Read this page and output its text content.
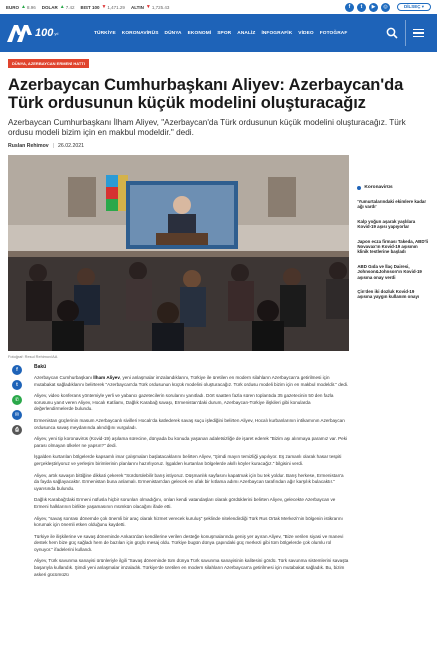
EURO ▲ 8.96 DOLAR ▲ 7.42 BIST 100 ▼ 1,471.29 ALTIN ▼ 1,725.43	f	t	▶	◎	DİLSEÇ ▾
100 yıl	TÜRKİYE KORONAVİRÜS DÜNYA EKONOMİ SPOR ANALİZ İNFOGRAFİK VİDEO FOTOĞRAF
DÜNYA, AZERBAYCAN ERMENİ HATTI
Azerbaycan Cumhurbaşkanı Aliyev: Azerbaycan'da Türk ordusunun küçük modelini oluşturacağız

Azerbaycan Cumhurbaşkanı İlham Aliyev, "Azerbaycan'da Türk ordusunun küçük modelini oluşturacağız. Türk ordusu modeli bizim için en makbul modeldir." dedi.

Ruslan Rehimov | 26.02.2021
Koronavirüs
'Yumurtalarındaki ekimlere kadar ağı vardı'
Kalp yoğun aşarak yaşlılara Kovid-19 aşısı yapıyorlar
Japon ecza firması Takeda, ABD'li Novavax'ın Kovid-19 aşısının klinik testlerine başladı
ABD Gıda ve İlaç Dairesi, Johnson&Johnson'ın Kovid-19 aşısına onay verdi
Çin'den iki dozluk Kovid-19 aşısına yaygın kullanım onayı
Fotoğraf: Resul Rehimov/AA
f
t
✆
✉
⎙
Bakü

Azerbaycan Cumhurbaşkanı İlham Aliyev, yeni anlaşmalar imzalandıklarını, Türkiye ile üretilen en modern silahların Azerbaycan'a getirilmesi için mutabakat sağladıklarını belirterek "Azerbaycan'da Türk ordusunun küçük modelini oluşturacağız. Türk ordusu modeli bizim için en makbul modeldir." dedi.

Aliyev, video konferans yöntemiyle yerli ve yabancı gazetecilerin sorularını yanıtladı. Dört saatten fazla süren toplantıda 35 gazetecinin 50 den fazla sorusunu yanıt veren Aliyev, Hocalı Katliamı, Dağlık Karabağ savaşı, Ermenistan'daki durum, Azerbaycan-Türkiye ilişkileri gibi konularda değerlendirmelerde bulundu.

Ermenistan güçlerinin masum Azerbaycanlı sivilleri Hocalı'da katlederek savaş suçu işlediğini belirten Aliyev, Hocalı kurbanlarının intikamının Azerbaycan ordusunca savaş meydanında alındığını vurguladı.

Aliyev, yeni tip koronavirüs (Kovid-19) aşılama sürecine, dünyada bu konuda yaşanan adaletsizliğe de işaret ederek "Bizim aşı alınmaya paramız var. Peki parası olmayan ülkeler ne yapsın?" dedi.

İşgalden kurtarılan bölgelerde kapsamlı imar çalışmaları başlatacaklarını belirten Aliyev, "Şimdi mayın temizliği yapılıyor. Eş zamanlı olarak hasar tespiti gerçekleştiriyoruz ve yerleşim birimlerinin planlarını hazırlıyoruz. İşgalden kurtarılan bölgelerde akıllı köyler kuracağız." bilgisini verdi.

Aliyev, artık savaşın bittiğine dikkati çekerek "Sürdürülebilir barış istiyoruz. Düşmanlık sayfasını kapatmak için bu tek yoldur. Barış herkese, Ermenistan'a da fayda sağlayacaktır. Ermenistan buna anlamalı. Ermenistan'dan gelecek en ufak bir kıtlama adımı Azerbaycan tarafından ağır karşılık bulacaktır." uyarısında bulundu.

Dağlık Karabağ'daki Ermeni nüfusla hiçbir sorunları olmadığını, onları kendi vatandaşları olarak gördüklerini belirten Aliyev, gelecekte Azerbaycan ve Ermeni halklarının birlikte yaşamasının mümkün olacağını ifade etti.

Aliyev, "savaş sonrası dönemde çok önemli bir araç olarak hizmet verecek kuruluş" şeklinde nitelendirdiği Türk Rus Ortak Merkezi'nin bölgenin istikrarını korumak için önemli etken olduğunu kaydetti.

Türkiye ile ilişkilerine ve savaş döneminde Ankara'dan kendilerine verilen desteğe konuşmalarında geniş yer ayıran Aliyev, "Bize verilen siyasi ve manevi destek hem bize güç sağladı hem de bazıları için güçlü mesaj oldu. Türkiye bugün dünya çapındaki güç merkezi gibi tüm bölgelerde çok olumlu rol oynuyor." ifadelerini kullandı.

Aliyev, Türk savunma sanayisi ürünleriyle ilgili "Savaş döneminde tüm dünya Türk savunma sanayisinin kalitesini gördü. Türk savunma sistemlerini savaşta başarıyla kullandık. Şimdi yeni anlaşmalar imzaladık. Türkiye'de üretilen en modern silahların Azerbaycan'a getirilmesi için mutabakat sağladık. Bu, bizim askeri gücümüzü
